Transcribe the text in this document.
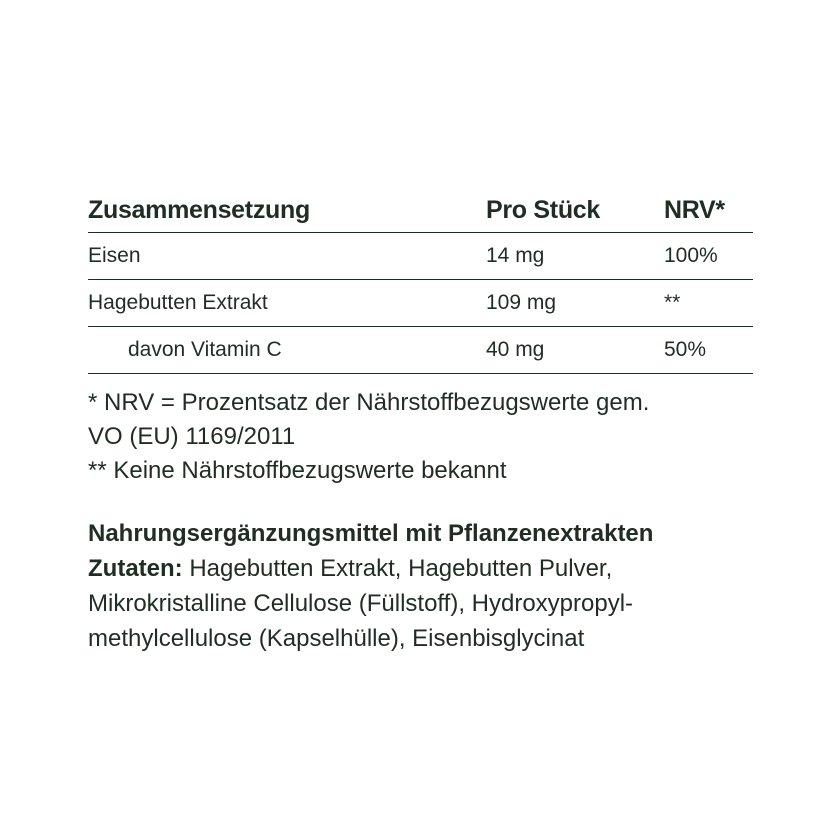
Zusammensetzung	Pro Stück	NRV*
Eisen	14 mg	100%
Hagebutten Extrakt	109 mg	**
davon Vitamin C	40 mg	50%

* NRV = Prozentsatz der Nährstoffbezugswerte gem.

VO (EU) 1169/2011

** Keine Nährstoffbezugswerte bekannt

Nahrungsergänzungsmittel mit Pflanzenextrakten

Zutaten: Hagebutten Extrakt, Hagebutten Pulver,

Mikrokristalline Cellulose (Füllstoff), Hydroxypropyl-

methylcellulose (Kapselhülle), Eisenbisglycinat
